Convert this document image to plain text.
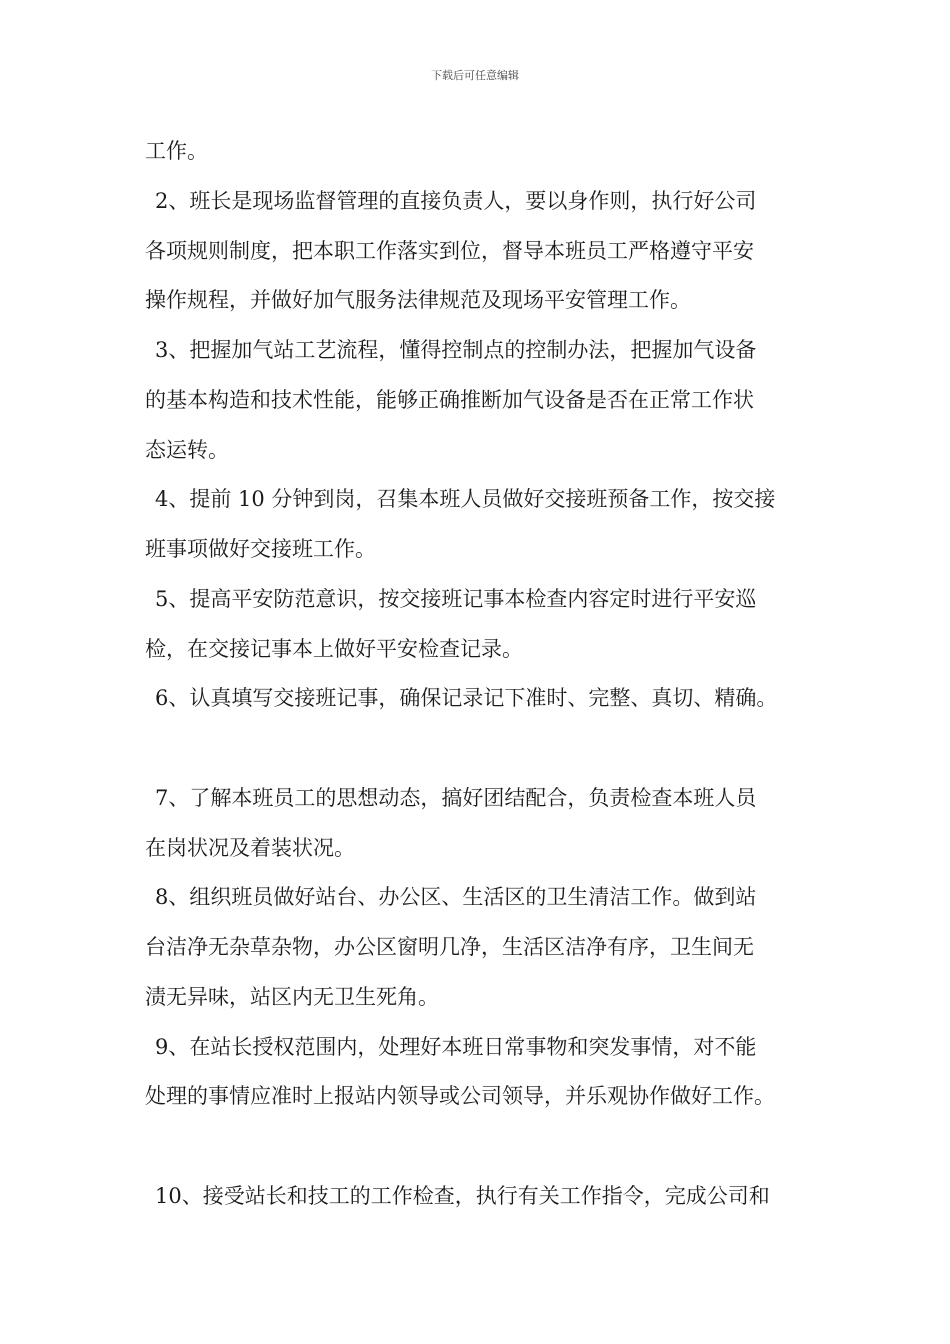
下载后可任意编辑
工作。
2、班长是现场监督管理的直接负责人，要以身作则，执行好公司
各项规则制度，把本职工作落实到位，督导本班员工严格遵守平安
操作规程，并做好加气服务法律规范及现场平安管理工作。
3、把握加气站工艺流程，懂得控制点的控制办法，把握加气设备
的基本构造和技术性能，能够正确推断加气设备是否在正常工作状
态运转。
4、提前 10 分钟到岗，召集本班人员做好交接班预备工作，按交接
班事项做好交接班工作。
5、提高平安防范意识，按交接班记事本检查内容定时进行平安巡
检，在交接记事本上做好平安检查记录。
6、认真填写交接班记事，确保记录记下准时、完整、真切、精确。
7、了解本班员工的思想动态，搞好团结配合，负责检查本班人员
在岗状况及着装状况。
8、组织班员做好站台、办公区、生活区的卫生清洁工作。做到站
台洁净无杂草杂物，办公区窗明几净，生活区洁净有序，卫生间无
渍无异味，站区内无卫生死角。
9、在站长授权范围内，处理好本班日常事物和突发事情，对不能
处理的事情应准时上报站内领导或公司领导，并乐观协作做好工作。
10、接受站长和技工的工作检查，执行有关工作指令，完成公司和
